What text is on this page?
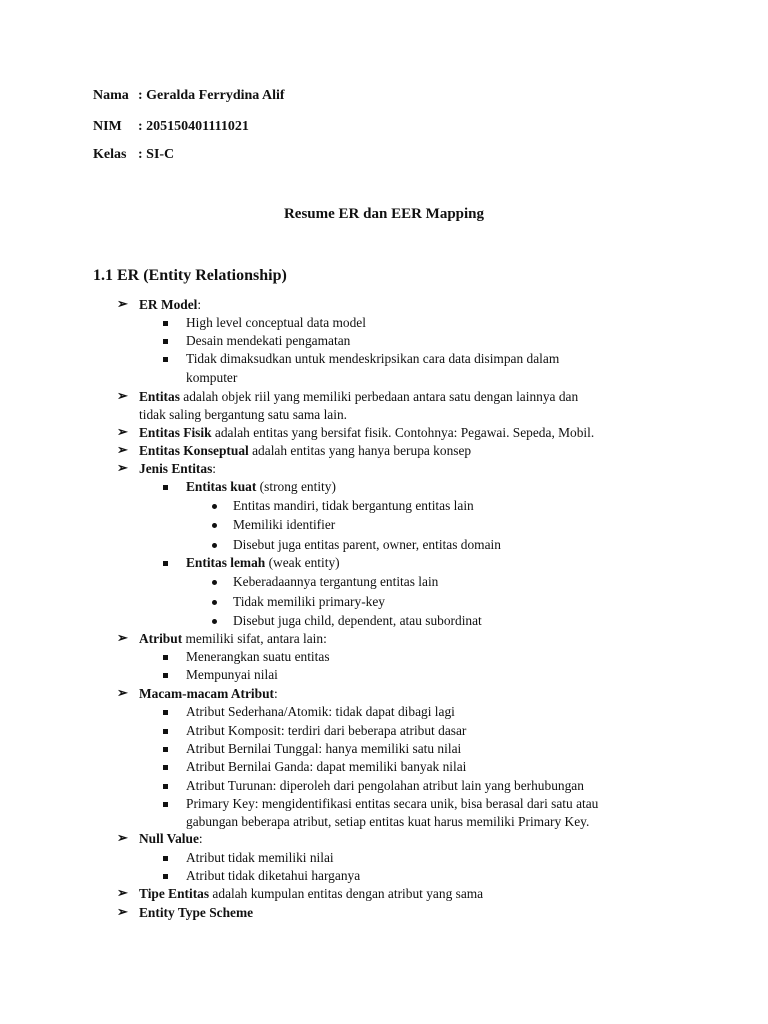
Nama : Geralda Ferrydina Alif
NIM : 205150401111021
Kelas : SI-C
Resume ER dan EER Mapping
1.1 ER (Entity Relationship)
➢ ER Model:
High level conceptual data model
Desain mendekati pengamatan
Tidak dimaksudkan untuk mendeskripsikan cara data disimpan dalam
komputer
➢ Entitas adalah objek riil yang memiliki perbedaan antara satu dengan lainnya dan
tidak saling bergantung satu sama lain.
➢ Entitas Fisik adalah entitas yang bersifat fisik. Contohnya: Pegawai. Sepeda, Mobil.
➢ Entitas Konseptual adalah entitas yang hanya berupa konsep
➢ Jenis Entitas:
Entitas kuat (strong entity)
Entitas mandiri, tidak bergantung entitas lain
Memiliki identifier
Disebut juga entitas parent, owner, entitas domain
Entitas lemah (weak entity)
Keberadaannya tergantung entitas lain
Tidak memiliki primary-key
Disebut juga child, dependent, atau subordinat
➢ Atribut memiliki sifat, antara lain:
Menerangkan suatu entitas
Mempunyai nilai
➢ Macam-macam Atribut:
Atribut Sederhana/Atomik: tidak dapat dibagi lagi
Atribut Komposit: terdiri dari beberapa atribut dasar
Atribut Bernilai Tunggal: hanya memiliki satu nilai
Atribut Bernilai Ganda: dapat memiliki banyak nilai
Atribut Turunan: diperoleh dari pengolahan atribut lain yang berhubungan
Primary Key: mengidentifikasi entitas secara unik, bisa berasal dari satu atau
gabungan beberapa atribut, setiap entitas kuat harus memiliki Primary Key.
➢ Null Value:
Atribut tidak memiliki nilai
Atribut tidak diketahui harganya
➢ Tipe Entitas adalah kumpulan entitas dengan atribut yang sama
➢ Entity Type Scheme
